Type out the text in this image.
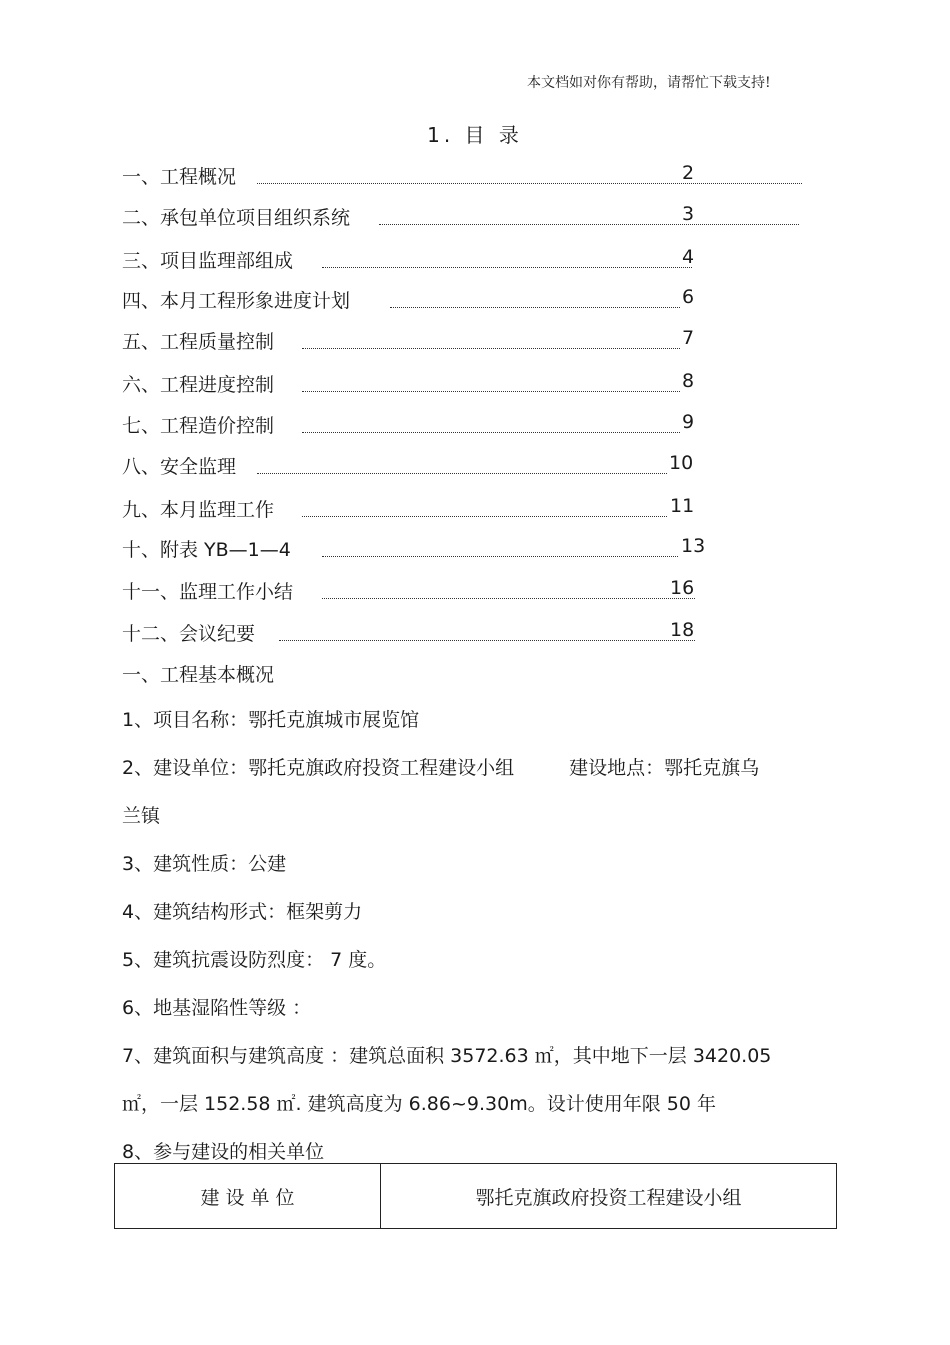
本文档如对你有帮助，请帮忙下载支持!
1. 目 录
一、工程概况	2
二、承包单位项目组织系统	3
三、项目监理部组成	4
四、本月工程形象进度计划	6
五、工程质量控制	7
六、工程进度控制	8
七、工程造价控制	9
八、安全监理	10
九、本月监理工作	11
十、附表 YB—1—4	13
十一、监理工作小结	16
十二、会议纪要	18
一、工程基本概况
1、项目名称：鄂托克旗城市展览馆
2、建设单位：鄂托克旗政府投资工程建设小组	建设地点：鄂托克旗乌
兰镇
3、建筑性质：公建
4、建筑结构形式：框架剪力
5、建筑抗震设防烈度： 7 度。
6、地基湿陷性等级 ：
7、建筑面积与建筑高度 ：建筑总面积 3572.63 ㎡，其中地下一层 3420.05
㎡，一层 152.58 ㎡. 建筑高度为 6.86~9.30m。设计使用年限 50 年
8、参与建设的相关单位
建 设 单 位	鄂托克旗政府投资工程建设小组
